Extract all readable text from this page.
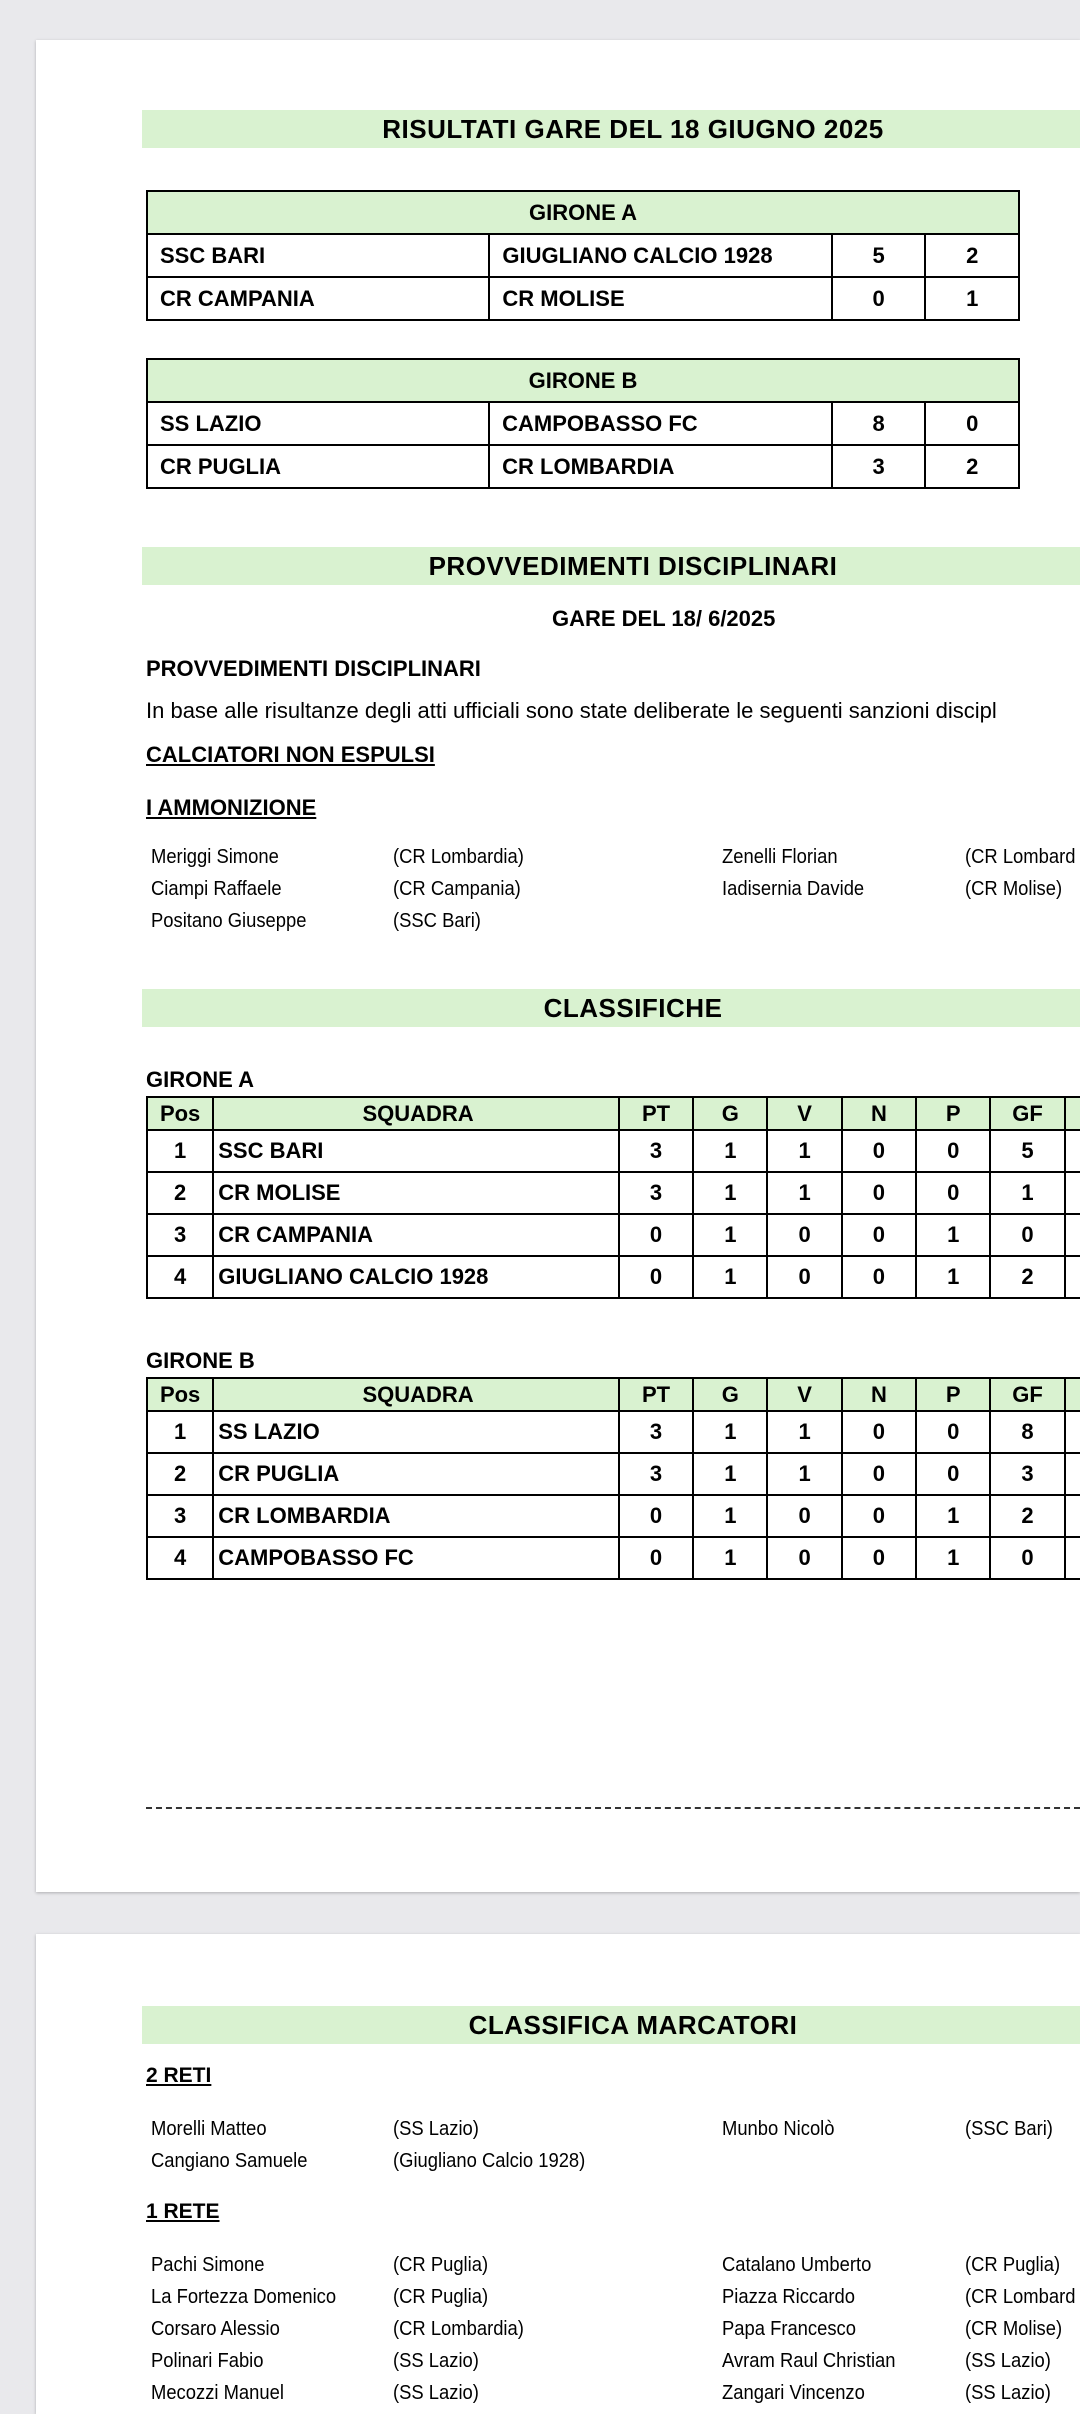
RISULTATI GARE DEL 18 GIUGNO 2025
GIRONE A			
SSC BARI	GIUGLIANO CALCIO 1928	5	2
CR CAMPANIA	CR MOLISE	0	1
GIRONE B			
SS LAZIO	CAMPOBASSO FC	8	0
CR PUGLIA	CR LOMBARDIA	3	2
PROVVEDIMENTI DISCIPLINARI
GARE DEL 18/ 6/2025
PROVVEDIMENTI DISCIPLINARI
In base alle risultanze degli atti ufficiali sono state deliberate le seguenti sanzioni discipl
CALCIATORI NON ESPULSI
I AMMONIZIONE
Meriggi Simone	(CR Lombardia)	Zenelli Florian	(CR Lombard
Ciampi Raffaele	(CR Campania)	Iadisernia Davide	(CR Molise)
Positano Giuseppe	(SSC Bari)
CLASSIFICHE
GIRONE A
Pos	SQUADRA	PT	G	V	N	P	GF	
1	SSC BARI	3	1	1	0	0	5	
2	CR MOLISE	3	1	1	0	0	1	
3	CR CAMPANIA	0	1	0	0	1	0	
4	GIUGLIANO CALCIO 1928	0	1	0	0	1	2	
GIRONE B
Pos	SQUADRA	PT	G	V	N	P	GF	
1	SS LAZIO	3	1	1	0	0	8	
2	CR PUGLIA	3	1	1	0	0	3	
3	CR LOMBARDIA	0	1	0	0	1	2	
4	CAMPOBASSO FC	0	1	0	0	1	0	
CLASSIFICA MARCATORI
2 RETI
Morelli Matteo	(SS Lazio)	Munbo Nicolò	(SSC Bari)
Cangiano Samuele	(Giugliano Calcio 1928)
1 RETE
Pachi Simone	(CR Puglia)	Catalano Umberto	(CR Puglia)
La Fortezza Domenico	(CR Puglia)	Piazza Riccardo	(CR Lombard
Corsaro Alessio	(CR Lombardia)	Papa Francesco	(CR Molise)
Polinari Fabio	(SS Lazio)	Avram Raul Christian	(SS Lazio)
Mecozzi Manuel	(SS Lazio)	Zangari Vincenzo	(SS Lazio)
